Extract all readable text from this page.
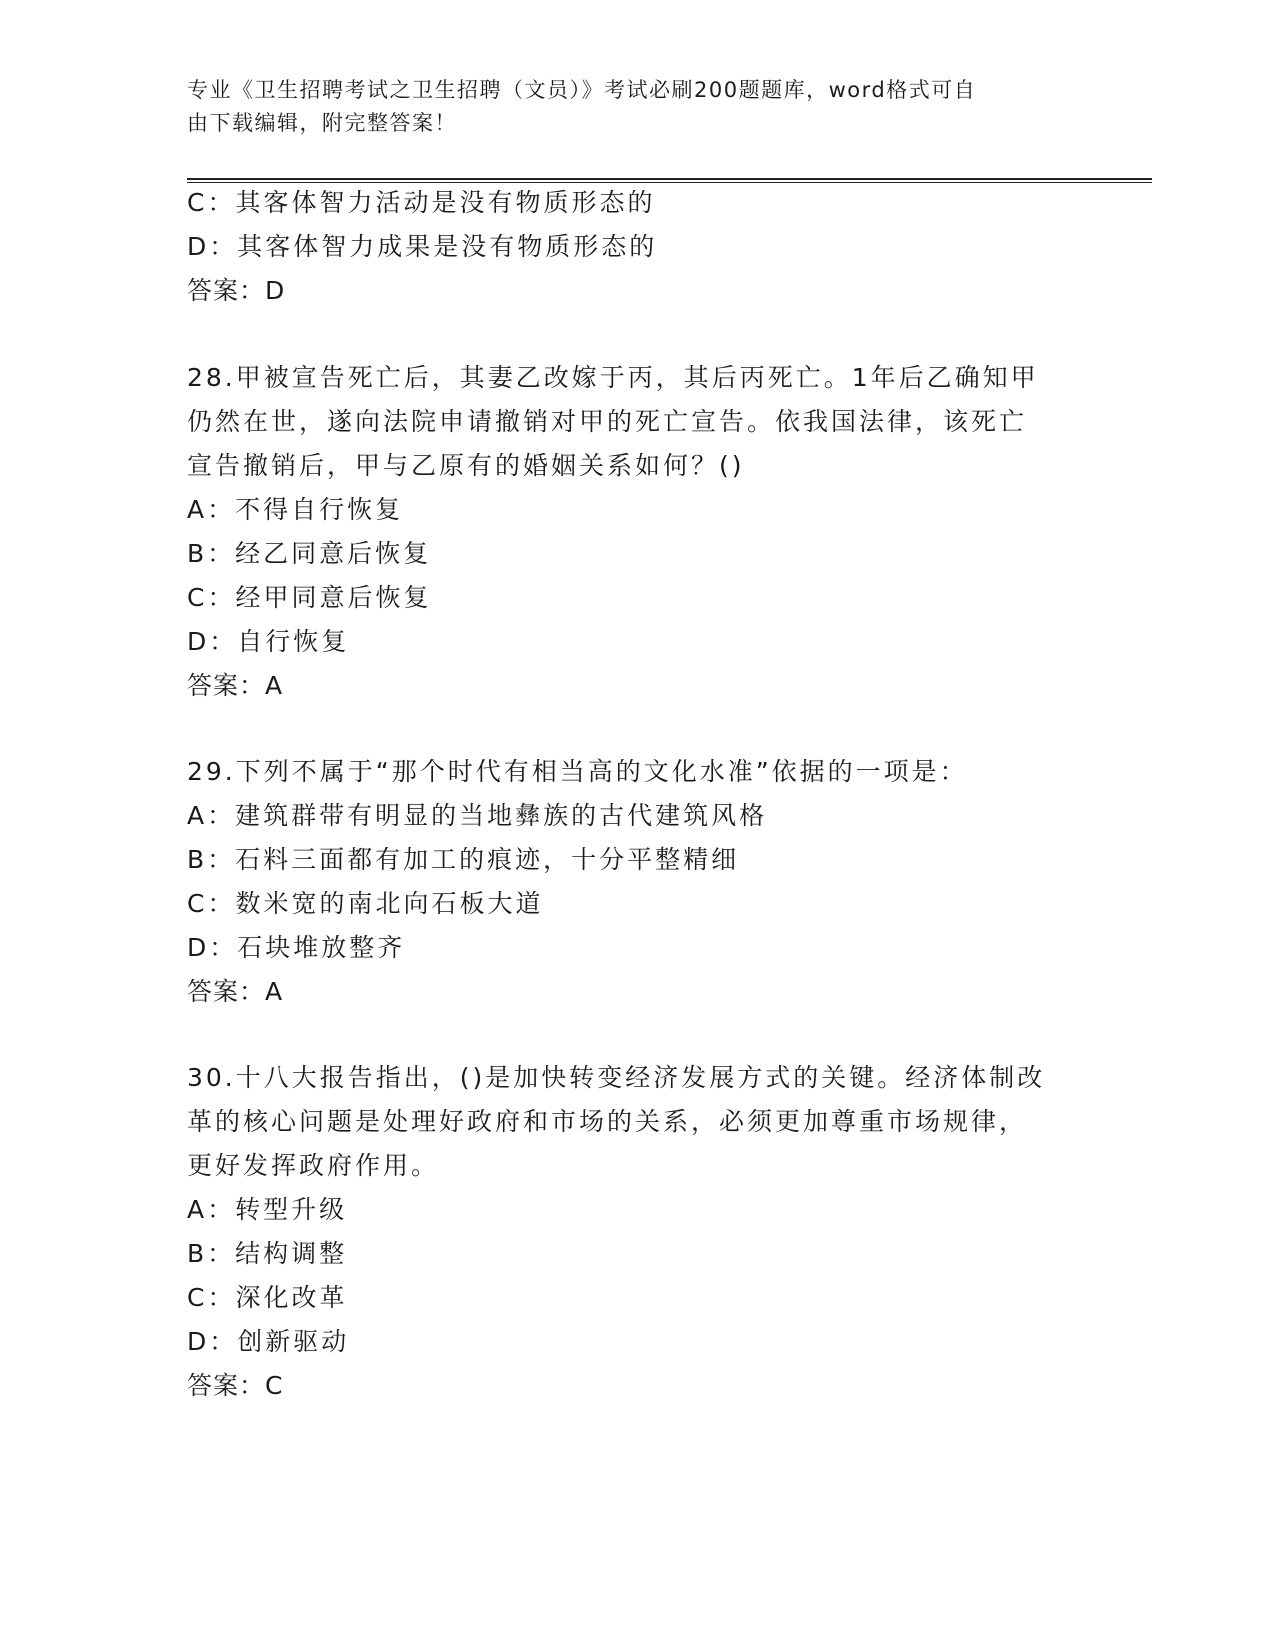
专业《卫生招聘考试之卫生招聘（文员）》考试必刷200题题库，word格式可自
由下载编辑，附完整答案！
C：其客体智力活动是没有物质形态的
D：其客体智力成果是没有物质形态的
答案：D
28.甲被宣告死亡后，其妻乙改嫁于丙，其后丙死亡。1年后乙确知甲
仍然在世，遂向法院申请撤销对甲的死亡宣告。依我国法律，该死亡
宣告撤销后，甲与乙原有的婚姻关系如何？()
A：不得自行恢复
B：经乙同意后恢复
C：经甲同意后恢复
D：自行恢复
答案：A
29.下列不属于“那个时代有相当高的文化水准”依据的一项是：
A：建筑群带有明显的当地彝族的古代建筑风格
B：石料三面都有加工的痕迹，十分平整精细
C：数米宽的南北向石板大道
D：石块堆放整齐
答案：A
30.十八大报告指出，()是加快转变经济发展方式的关键。经济体制改
革的核心问题是处理好政府和市场的关系，必须更加尊重市场规律，
更好发挥政府作用。
A：转型升级
B：结构调整
C：深化改革
D：创新驱动
答案：C
